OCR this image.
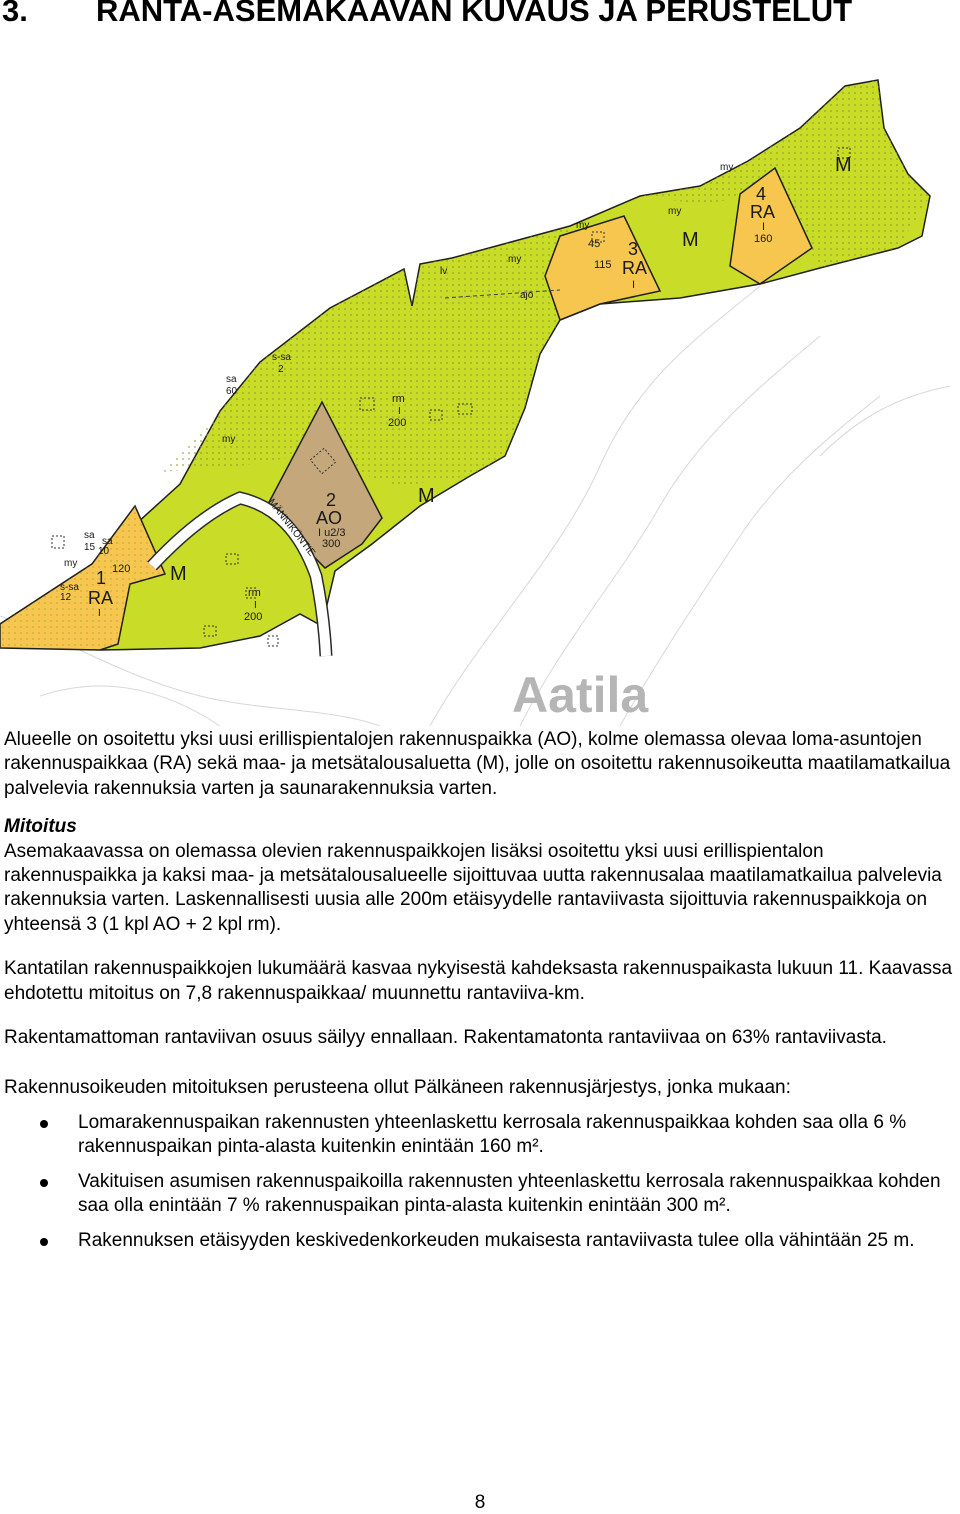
3. RANTA-ASEMAKAAVAN KUVAUS JA PERUSTELUT
lv
ajo
my
my
my
my
my
my
M
M
M
M
4
RA
I
160
45
115
3
RA
I
sa
60
s-sa
2
rm
I
200
rm
I
200
2
AO
I u2/3
300
sa
15
sa
10
120
1
s-sa
12 RA
I
MÄNNIKÖNTIE
Aatila

Alueelle on osoitettu yksi uusi erillispientalojen rakennuspaikka (AO), kolme olemassa olevaa loma-asuntojen rakennuspaikkaa (RA) sekä maa- ja metsätalousaluetta (M), jolle on osoitettu rakennusoikeutta maatilamatkailua palvelevia rakennuksia varten ja saunarakennuksia varten.

Mitoitus

Asemakaavassa on olemassa olevien rakennuspaikkojen lisäksi osoitettu yksi uusi erillispientalon rakennuspaikka ja kaksi maa- ja metsätalousalueelle sijoittuvaa uutta rakennusalaa maatilamatkailua palvelevia rakennuksia varten. Laskennallisesti uusia alle 200m etäisyydelle rantaviivasta sijoittuvia rakennuspaikkoja on yhteensä 3 (1 kpl AO + 2 kpl rm).

Kantatilan rakennuspaikkojen lukumäärä kasvaa nykyisestä kahdeksasta rakennuspaikasta lukuun 11. Kaavassa ehdotettu mitoitus on 7,8 rakennuspaikkaa/ muunnettu rantaviiva-km.

Rakentamattoman rantaviivan osuus säilyy ennallaan. Rakentamatonta rantaviivaa on 63% rantaviivasta.

Rakennusoikeuden mitoituksen perusteena ollut Pälkäneen rakennusjärjestys, jonka mukaan:

Lomarakennuspaikan rakennusten yhteenlaskettu kerrosala rakennuspaikkaa kohden saa olla 6 % rakennuspaikan pinta-alasta kuitenkin enintään 160 m².
Vakituisen asumisen rakennuspaikoilla rakennusten yhteenlaskettu kerrosala rakennuspaikkaa kohden saa olla enintään 7 % rakennuspaikan pinta-alasta kuitenkin enintään 300 m².
Rakennuksen etäisyyden keskivedenkorkeuden mukaisesta rantaviivasta tulee olla vähintään 25 m.
8
